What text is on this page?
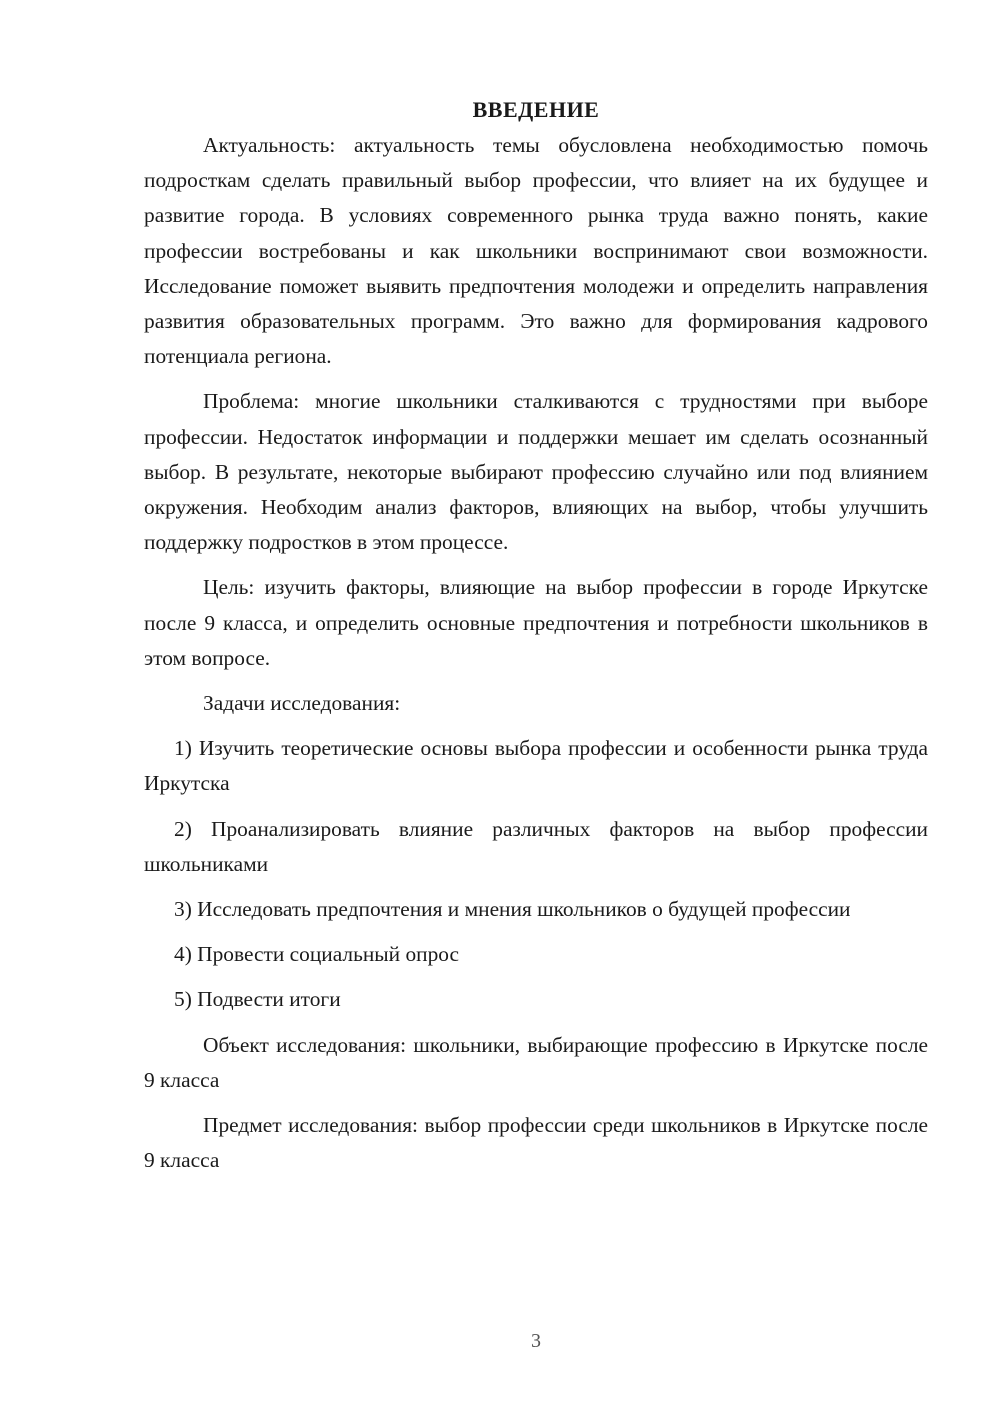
ВВЕДЕНИЕ

Актуальность: актуальность темы обусловлена необходимостью помочь подросткам сделать правильный выбор профессии, что влияет на их будущее и развитие города. В условиях современного рынка труда важно понять, какие профессии востребованы и как школьники воспринимают свои возможности. Исследование поможет выявить предпочтения молодежи и определить направления развития образовательных программ. Это важно для формирования кадрового потенциала региона.

Проблема: многие школьники сталкиваются с трудностями при выборе профессии. Недостаток информации и поддержки мешает им сделать осознанный выбор. В результате, некоторые выбирают профессию случайно или под влиянием окружения. Необходим анализ факторов, влияющих на выбор, чтобы улучшить поддержку подростков в этом процессе.

Цель: изучить факторы, влияющие на выбор профессии в городе Иркутске после 9 класса, и определить основные предпочтения и потребности школьников в этом вопросе.

Задачи исследования:

1) Изучить теоретические основы выбора профессии и особенности рынка труда Иркутска

2) Проанализировать влияние различных факторов на выбор профессии школьниками

3) Исследовать предпочтения и мнения школьников о будущей профессии

4) Провести социальный опрос

5) Подвести итоги

Объект исследования: школьники, выбирающие профессию в Иркутске после 9 класса

Предмет исследования: выбор профессии среди школьников в Иркутске после 9 класса

3
